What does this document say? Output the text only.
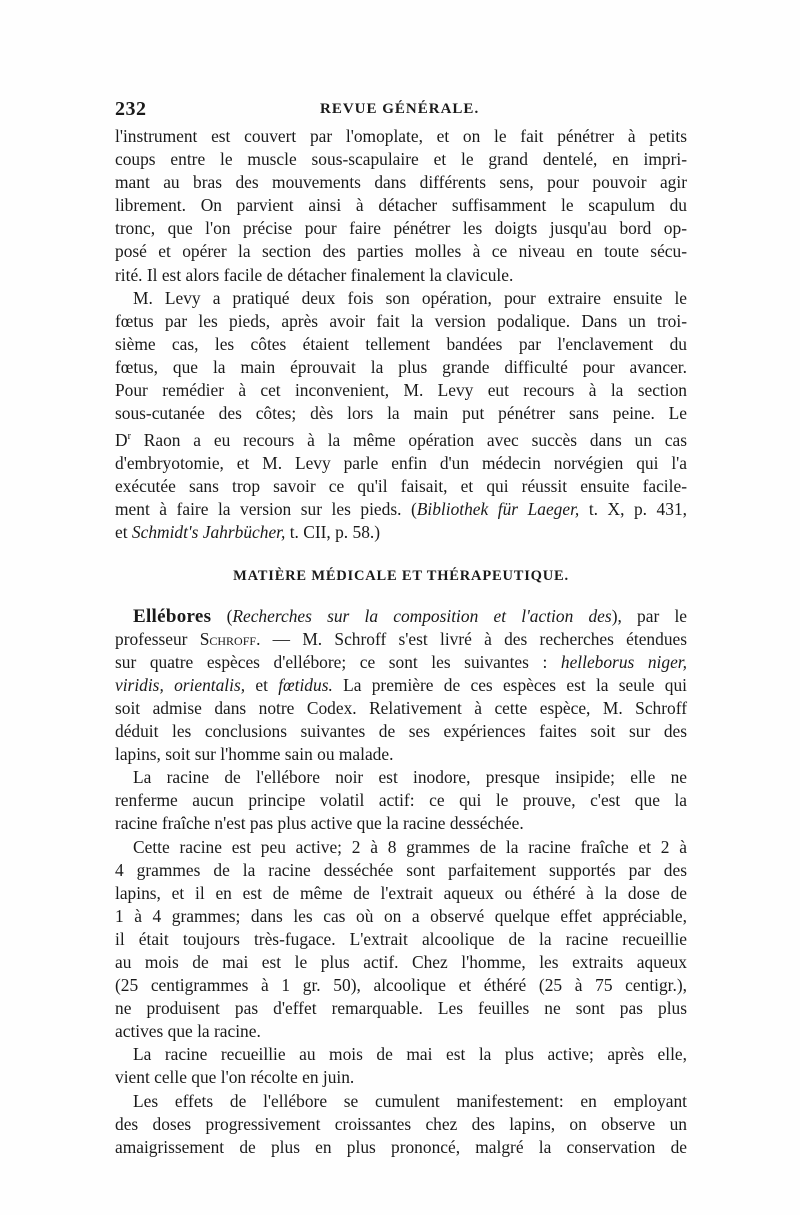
232	REVUE GÉNÉRALE.

l'instrument est couvert par l'omoplate, et on le fait pénétrer à petits
coups entre le muscle sous-scapulaire et le grand dentelé, en impri-
mant au bras des mouvements dans différents sens, pour pouvoir agir
librement. On parvient ainsi à détacher suffisamment le scapulum du
tronc, que l'on précise pour faire pénétrer les doigts jusqu'au bord op-
posé et opérer la section des parties molles à ce niveau en toute sécu-
rité. Il est alors facile de détacher finalement la clavicule.

M. Levy a pratiqué deux fois son opération, pour extraire ensuite le
fœtus par les pieds, après avoir fait la version podalique. Dans un troi-
sième cas, les côtes étaient tellement bandées par l'enclavement du
fœtus, que la main éprouvait la plus grande difficulté pour avancer.
Pour remédier à cet inconvenient, M. Levy eut recours à la section
sous-cutanée des côtes; dès lors la main put pénétrer sans peine. Le
$D^r$ Raon a eu recours à la même opération avec succès dans un cas
d'embryotomie, et M. Levy parle enfin d'un médecin norvégien qui l'a
exécutée sans trop savoir ce qu'il faisait, et qui réussit ensuite facile-
ment à faire la version sur les pieds. (Bibliothek für Laeger, t. X, p. 431,
et Schmidt's Jahrbücher, t. CII, p. 58.)

MATIÈRE MÉDICALE ET THÉRAPEUTIQUE.

Ellébores (Recherches sur la composition et l'action des), par le
professeur Schroff. — M. Schroff s'est livré à des recherches étendues
sur quatre espèces d'ellébore; ce sont les suivantes : helleborus niger,
viridis, orientalis, et fœtidus. La première de ces espèces est la seule qui
soit admise dans notre Codex. Relativement à cette espèce, M. Schroff
déduit les conclusions suivantes de ses expériences faites soit sur des
lapins, soit sur l'homme sain ou malade.

La racine de l'ellébore noir est inodore, presque insipide; elle ne
renferme aucun principe volatil actif: ce qui le prouve, c'est que la
racine fraîche n'est pas plus active que la racine desséchée.

Cette racine est peu active; 2 à 8 grammes de la racine fraîche et 2 à
4 grammes de la racine desséchée sont parfaitement supportés par des
lapins, et il en est de même de l'extrait aqueux ou éthéré à la dose de
1 à 4 grammes; dans les cas où on a observé quelque effet appréciable,
il était toujours très-fugace. L'extrait alcoolique de la racine recueillie
au mois de mai est le plus actif. Chez l'homme, les extraits aqueux
(25 centigrammes à 1 gr. 50), alcoolique et éthéré (25 à 75 centigr.),
ne produisent pas d'effet remarquable. Les feuilles ne sont pas plus
actives que la racine.

La racine recueillie au mois de mai est la plus active; après elle,
vient celle que l'on récolte en juin.

Les effets de l'ellébore se cumulent manifestement: en employant
des doses progressivement croissantes chez des lapins, on observe un
amaigrissement de plus en plus prononcé, malgré la conservation de
